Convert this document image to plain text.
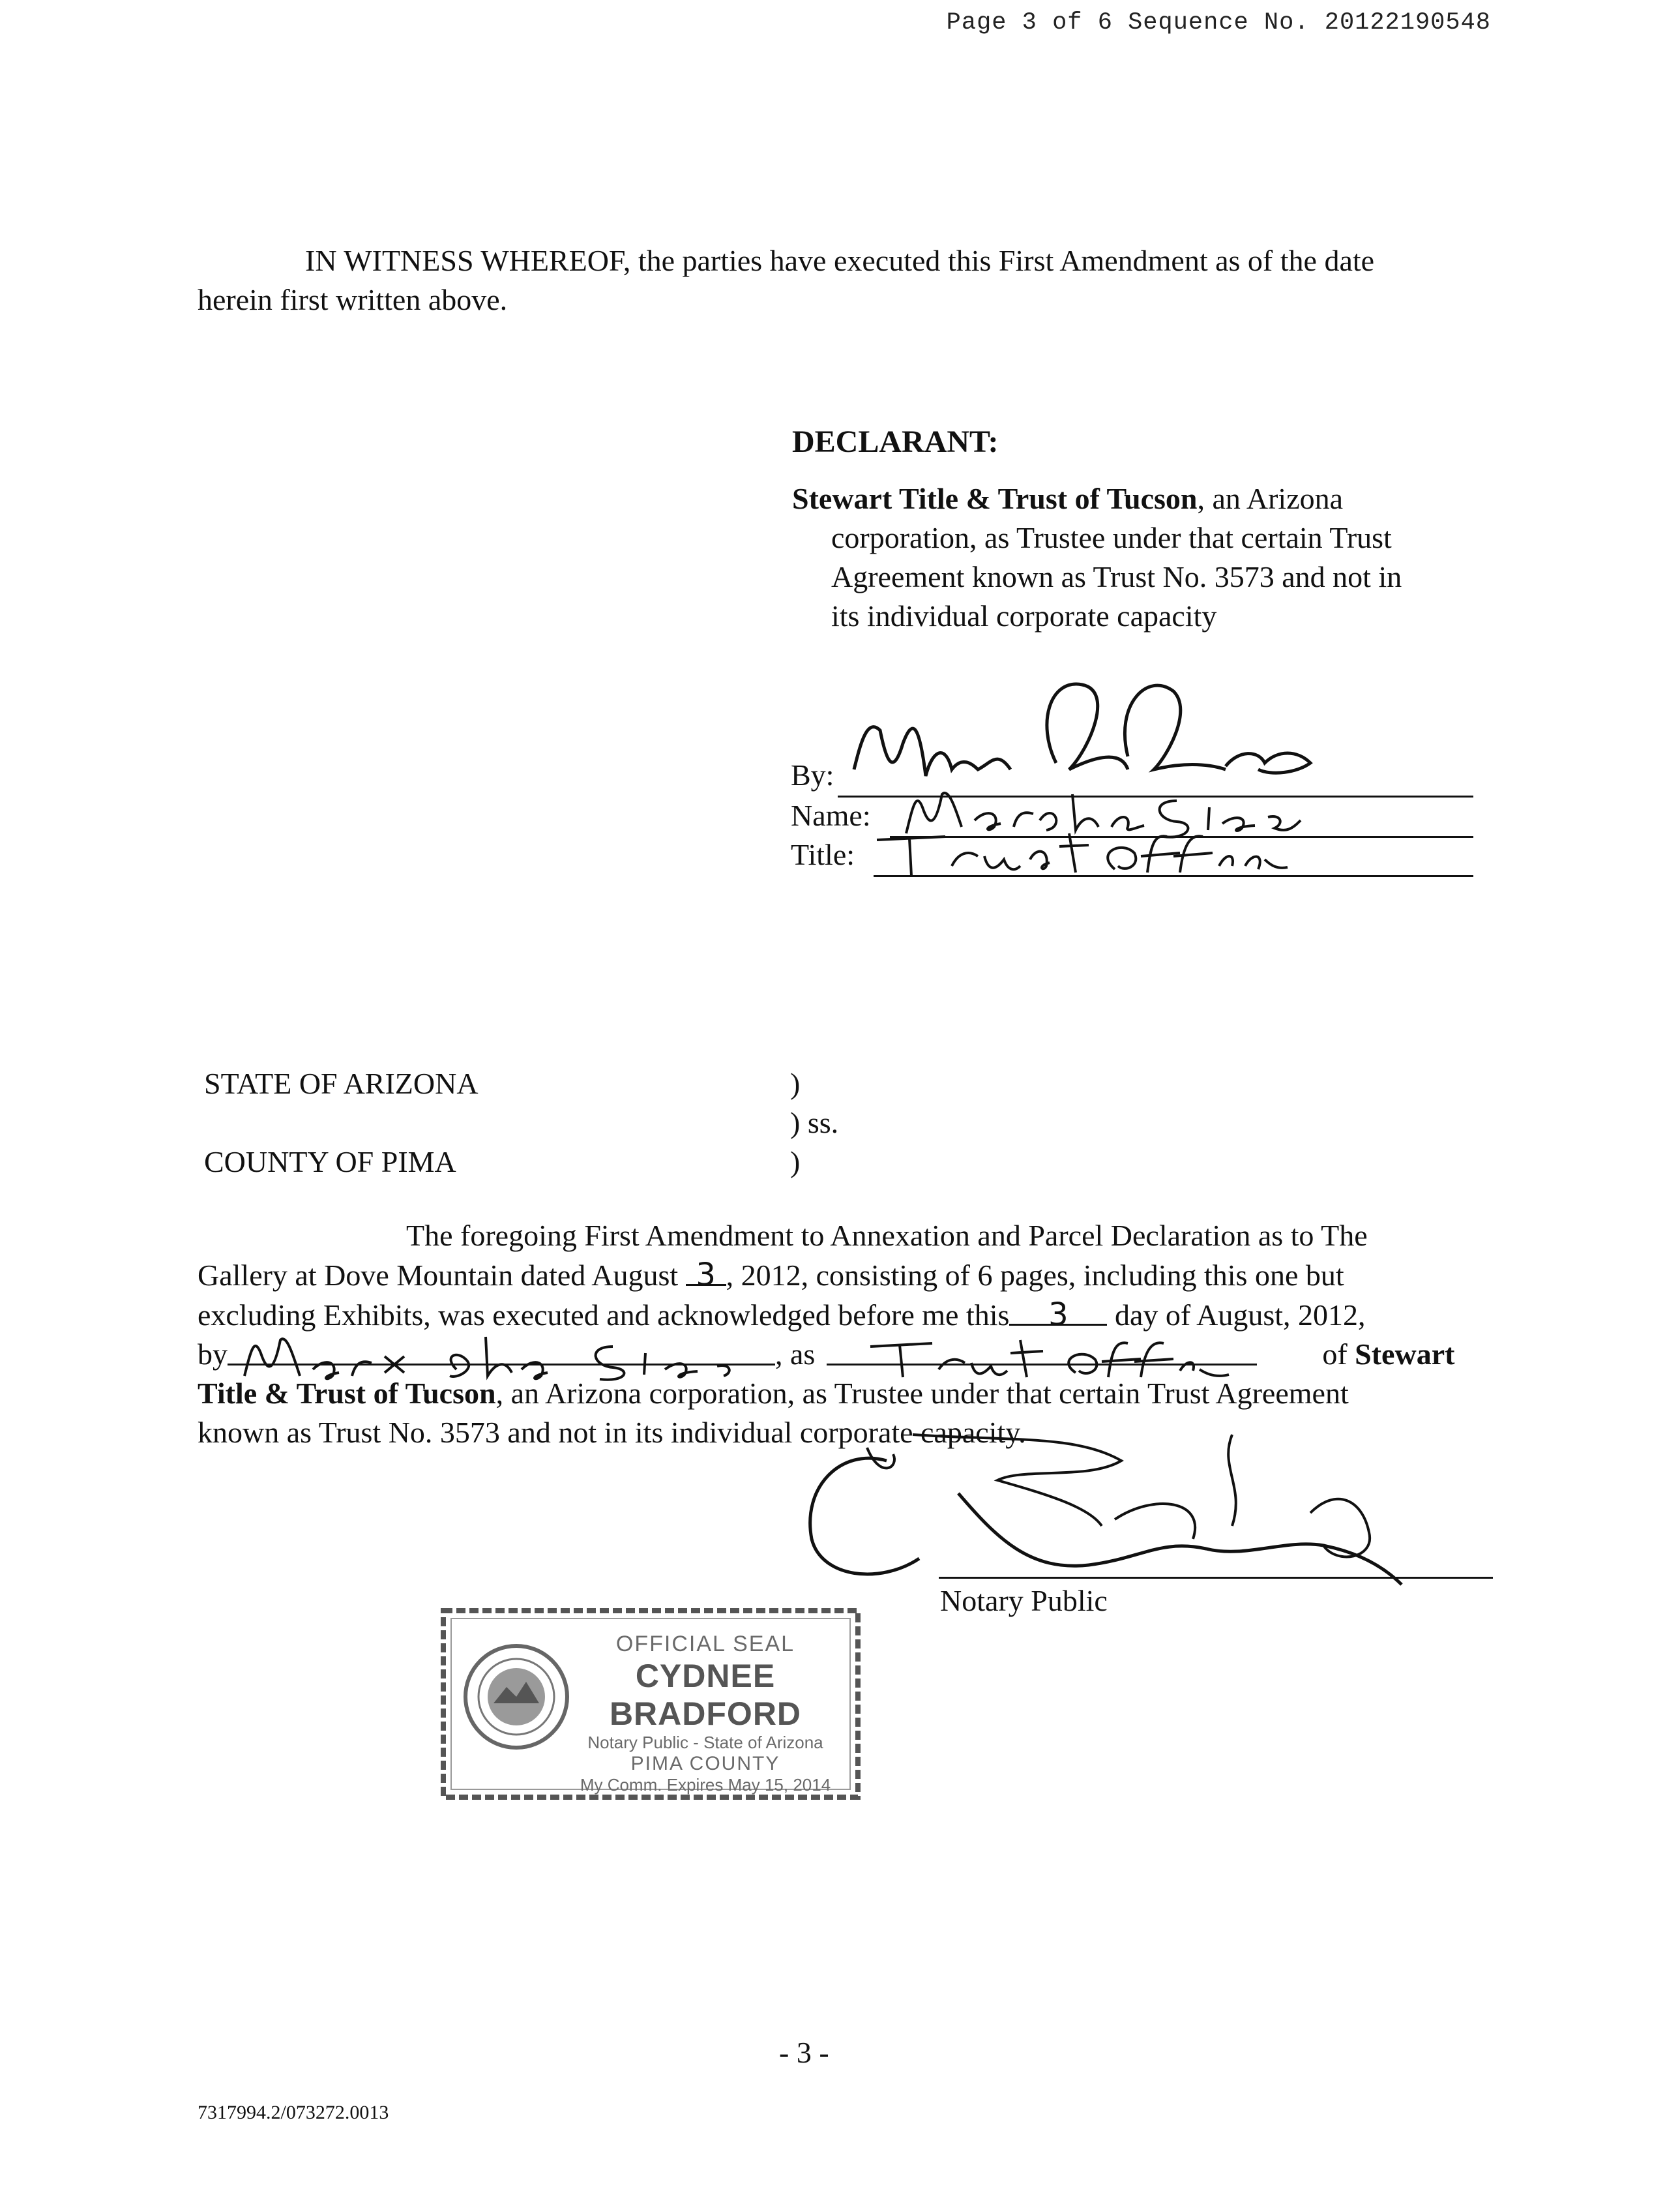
Page 3 of 6 Sequence No. 20122190548
IN WITNESS WHEREOF, the parties have executed this First Amendment as of the date
herein first written above.
DECLARANT:
Stewart Title & Trust of Tucson, an Arizona
corporation, as Trustee under that certain Trust
Agreement known as Trust No. 3573 and not in
its individual corporate capacity
By:
Name:
Title:
STATE OF ARIZONA
COUNTY OF PIMA
)
) ss.
)

The foregoing First Amendment to Annexation and Parcel Declaration as to The

Gallery at Dove Mountain dated August 3 , 2012, consisting of 6 pages, including this one but

excluding Exhibits, was executed and acknowledged before me this 3 day of August, 2012,

by	, as	of Stewart

Title & Trust of Tucson, an Arizona corporation, as Trustee under that certain Trust Agreement

known as Trust No. 3573 and not in its individual corporate capacity.

Notary Public
OFFICIAL SEAL
CYDNEE BRADFORD
Notary Public - State of Arizona
PIMA COUNTY
My Comm. Expires May 15, 2014
- 3 -
7317994.2/073272.0013
